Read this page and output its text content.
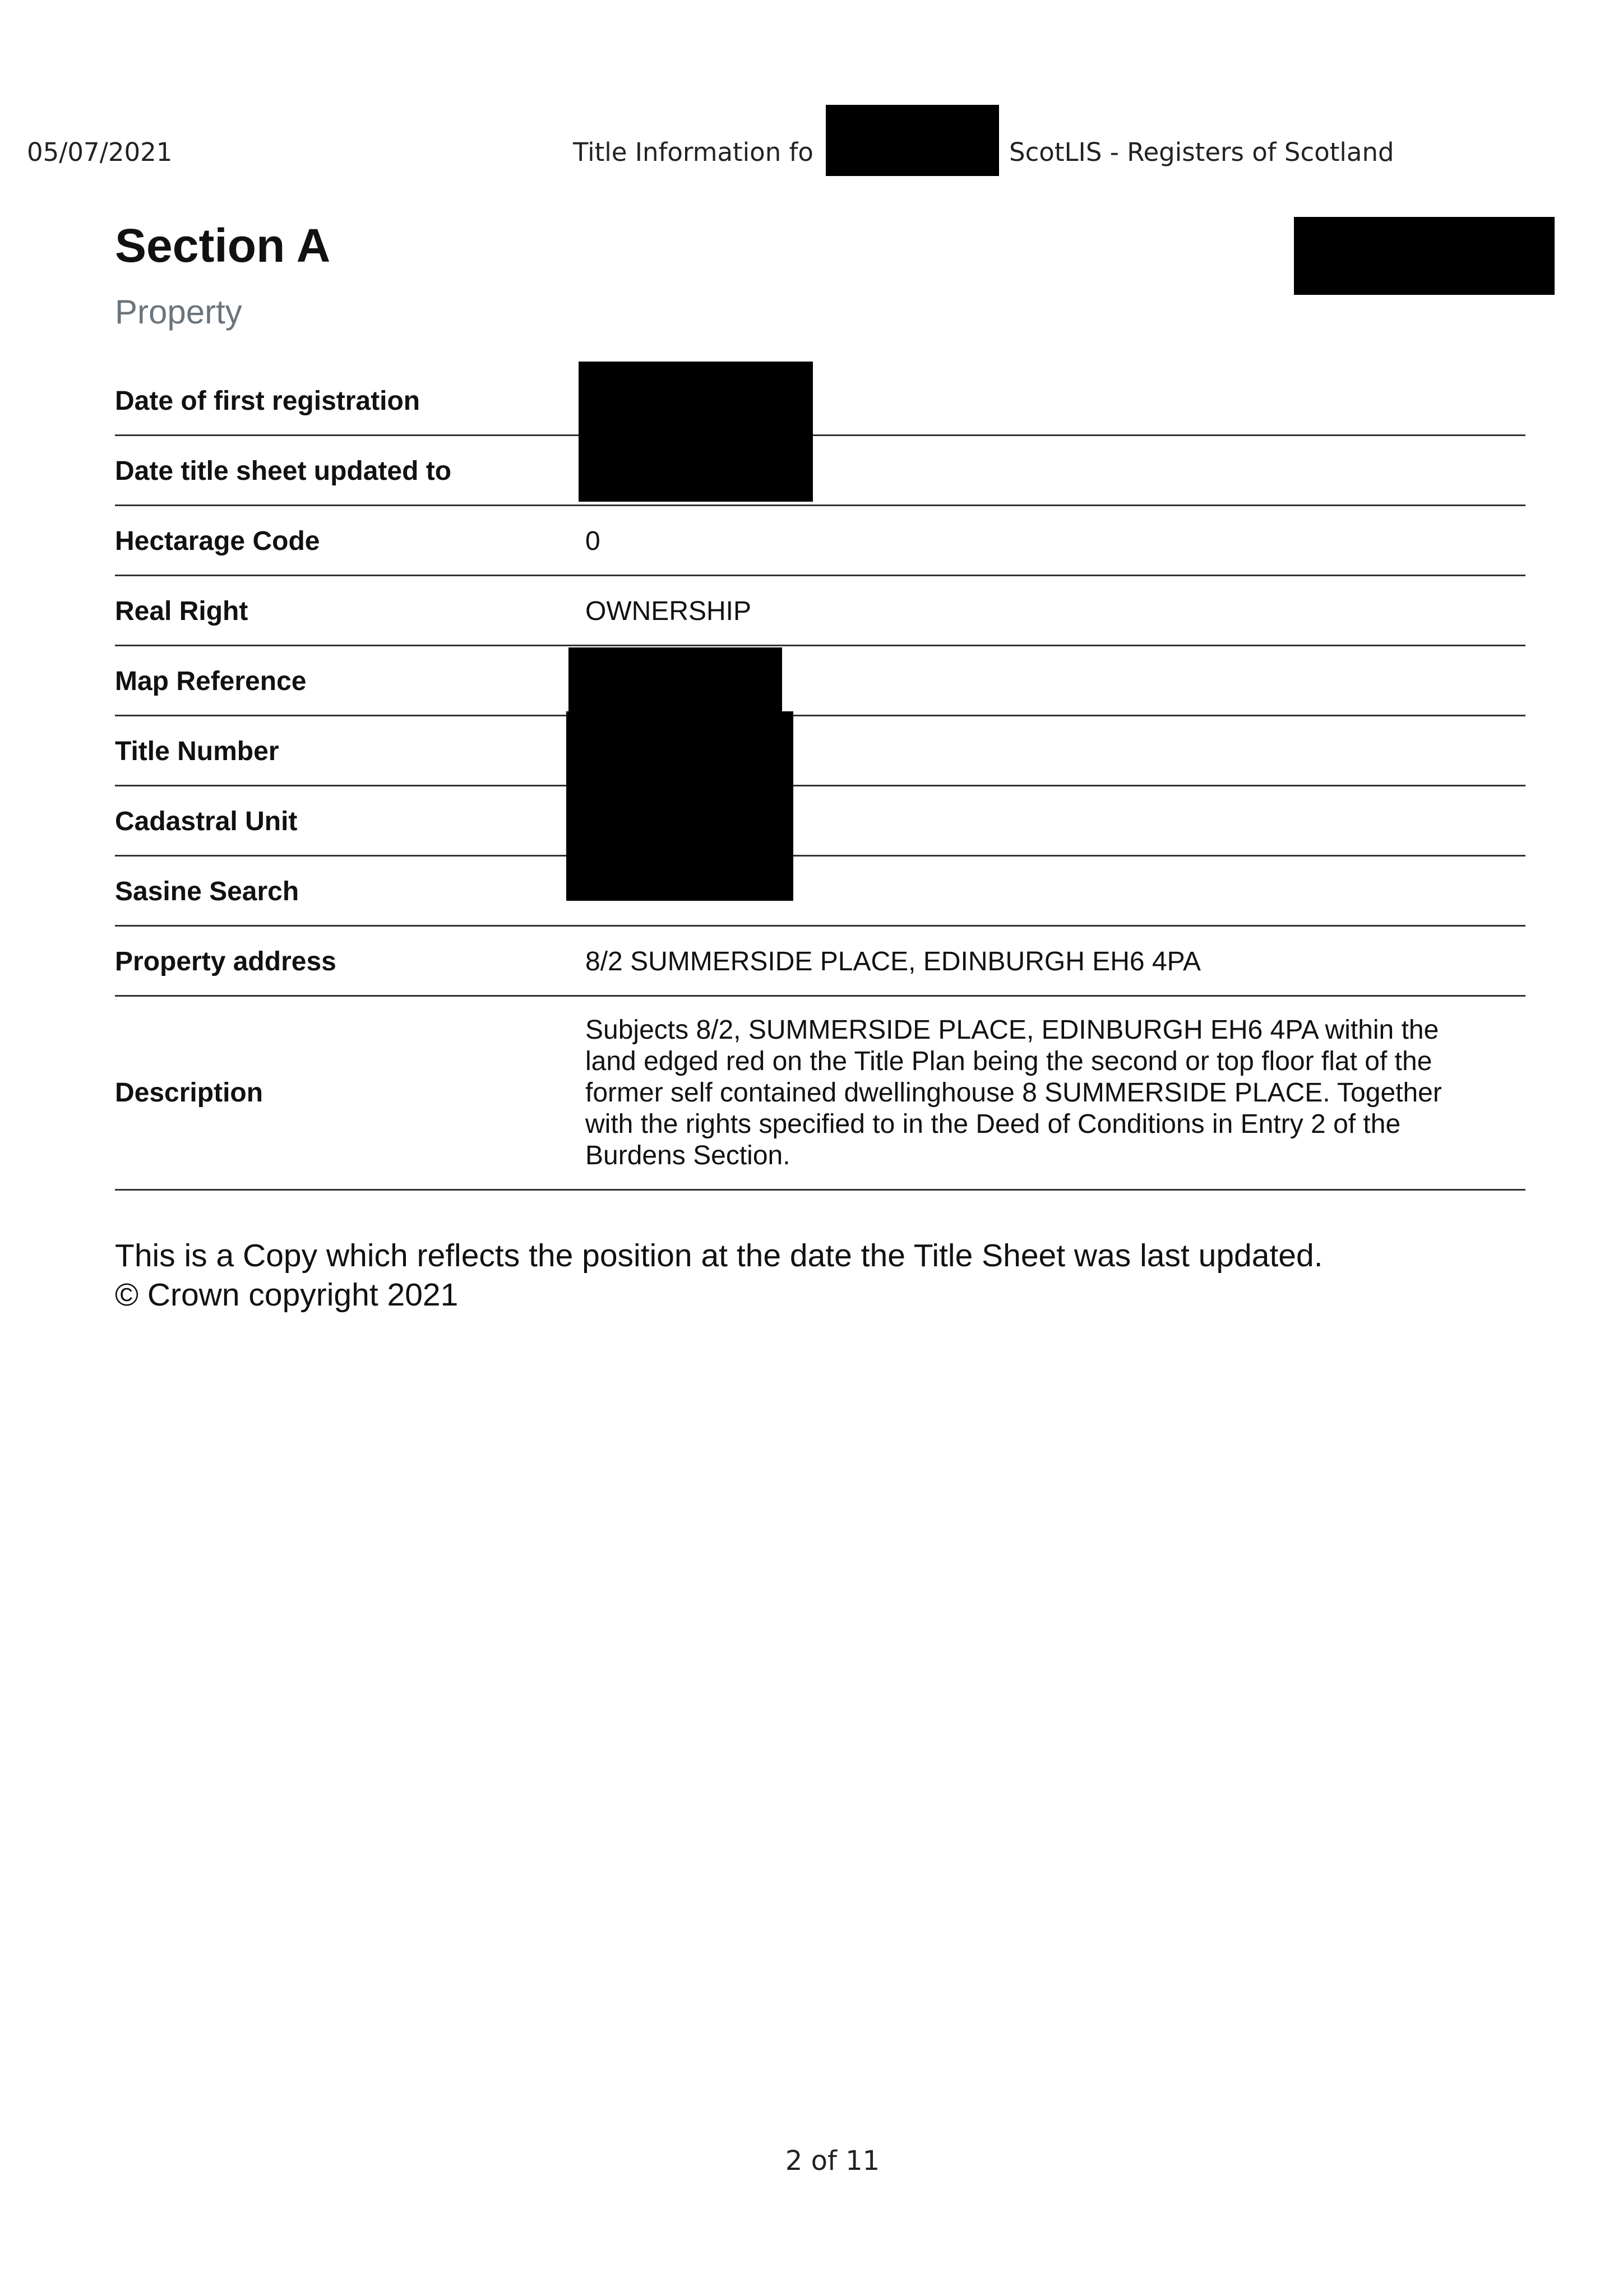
05/07/2021	Title Information fo	ScotLIS - Registers of Scotland
Section A
Property
Date of first registration	
Date title sheet updated to	
Hectarage Code	0
Real Right	OWNERSHIP
Map Reference	
Title Number	
Cadastral Unit	
Sasine Search	
Property address	8/2 SUMMERSIDE PLACE, EDINBURGH EH6 4PA
Description	Subjects 8/2, SUMMERSIDE PLACE, EDINBURGH EH6 4PA within the land edged red on the Title Plan being the second or top floor flat of the former self contained dwellinghouse 8 SUMMERSIDE PLACE. Together with the rights specified to in the Deed of Conditions in Entry 2 of the Burdens Section.
This is a Copy which reflects the position at the date the Title Sheet was last updated.
© Crown copyright 2021
2 of 11
